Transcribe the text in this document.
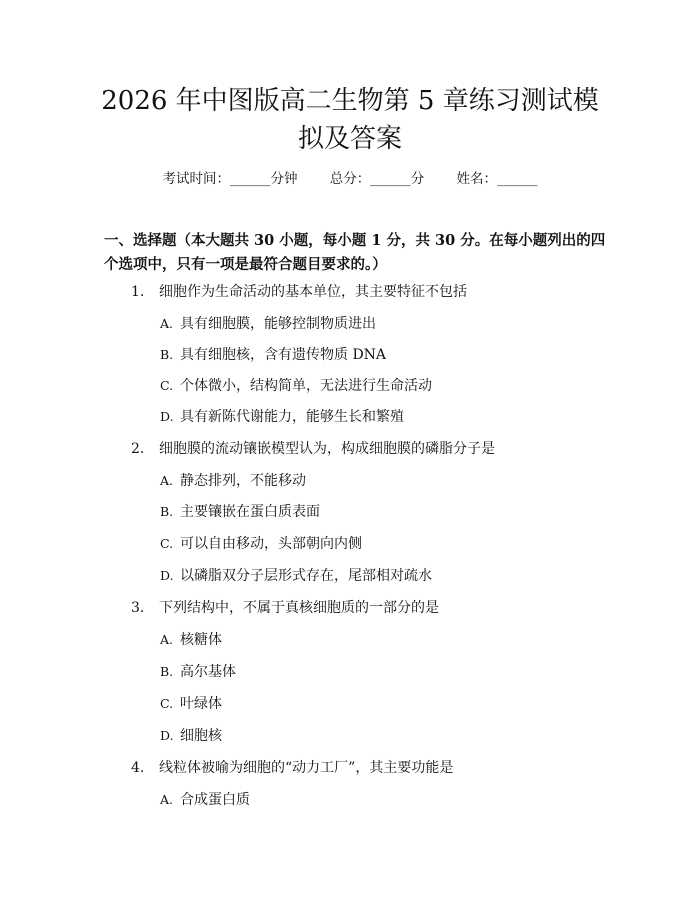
2026 年中图版高二生物第 5 章练习测试模拟及答案
考试时间：______分钟 总分：______分 姓名：______

一、选择题（本大题共 30 小题，每小题 1 分，共 30 分。在每小题列出的四个选项中，只有一项是最符合题目要求的。）

1. 细胞作为生命活动的基本单位，其主要特征不包括
A. 具有细胞膜，能够控制物质进出
B. 具有细胞核，含有遗传物质 DNA
C. 个体微小，结构简单，无法进行生命活动
D. 具有新陈代谢能力，能够生长和繁殖
2. 细胞膜的流动镶嵌模型认为，构成细胞膜的磷脂分子是
A. 静态排列，不能移动
B. 主要镶嵌在蛋白质表面
C. 可以自由移动，头部朝向内侧
D. 以磷脂双分子层形式存在，尾部相对疏水
3. 下列结构中，不属于真核细胞质的一部分的是
A. 核糖体
B. 高尔基体
C. 叶绿体
D. 细胞核
4. 线粒体被喻为细胞的“动力工厂”，其主要功能是
A. 合成蛋白质
